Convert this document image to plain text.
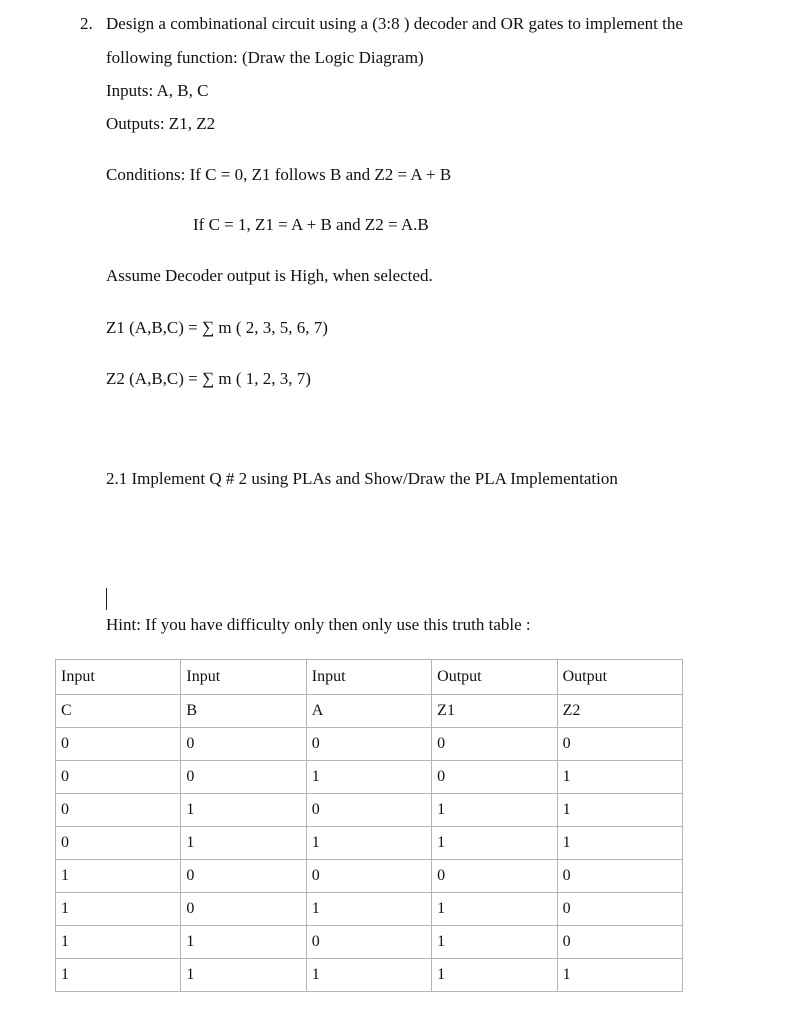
2. Design a combinational circuit using a (3:8 ) decoder and OR gates to implement the
following function: (Draw the Logic Diagram)
Inputs: A, B, C
Outputs: Z1, Z2
Conditions: If C = 0, Z1 follows B and Z2 = A + B
If C = 1, Z1 = A + B and Z2 = A.B
Assume Decoder output is High, when selected.
Z1 (A,B,C) = ∑ m ( 2, 3, 5, 6, 7)
Z2 (A,B,C) = ∑ m ( 1, 2, 3, 7)
2.1 Implement Q # 2 using PLAs and Show/Draw the PLA Implementation
Hint: If you have difficulty only then only use this truth table :
Input	Input	Input	Output	Output
C	B	A	Z1	Z2
0	0	0	0	0
0	0	1	0	1
0	1	0	1	1
0	1	1	1	1
1	0	0	0	0
1	0	1	1	0
1	1	0	1	0
1	1	1	1	1
